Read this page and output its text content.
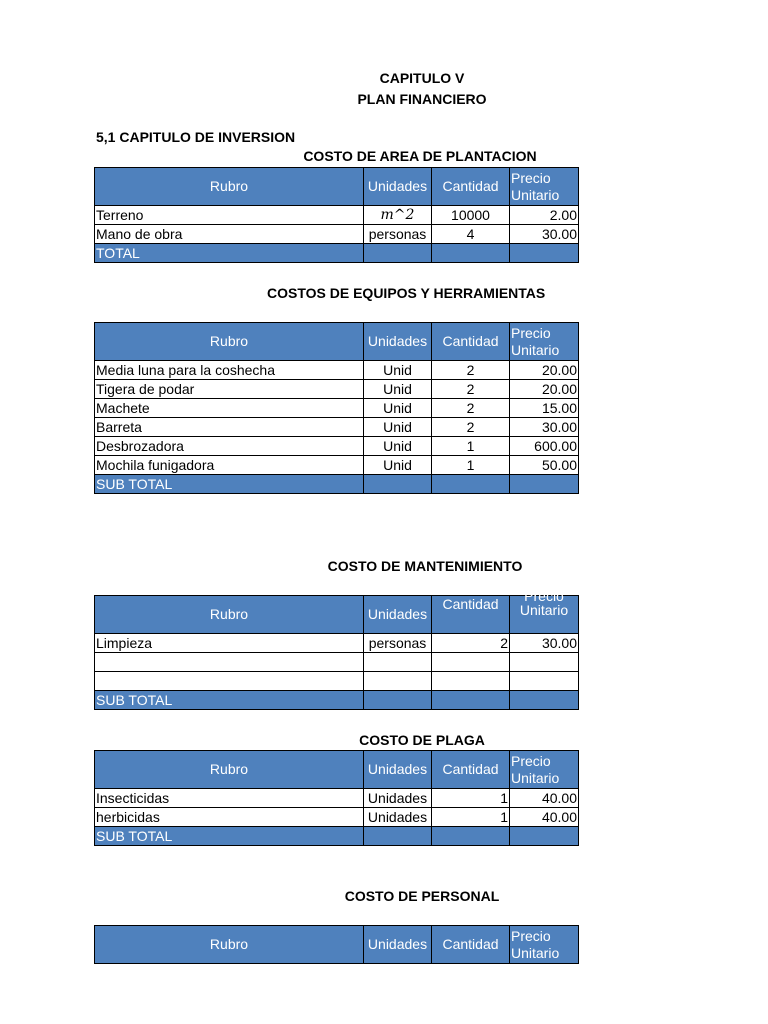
CAPITULO V
PLAN FINANCIERO
5,1 CAPITULO DE INVERSION
COSTO DE AREA DE PLANTACION
Rubro	Unidades	Cantidad	Precio
Unitario
Terreno	m^2	10000	2.00
Mano de obra	personas	4	30.00
TOTAL			
COSTOS DE EQUIPOS Y HERRAMIENTAS
Rubro	Unidades	Cantidad	Precio
Unitario
Media luna para la coshecha	Unid	2	20.00
Tigera de podar	Unid	2	20.00
Machete	Unid	2	15.00
Barreta	Unid	2	30.00
Desbrozadora	Unid	1	600.00
Mochila funigadora	Unid	1	50.00
SUB TOTAL			
COSTO DE MANTENIMIENTO
Rubro	Unidades	Cantidad	Precio
Unitario

Limpieza	personas	2	30.00

SUB TOTAL			
COSTO DE PLAGA
Rubro	Unidades	Cantidad	Precio
Unitario
Insecticidas	Unidades	1	40.00
herbicidas	Unidades	1	40.00
SUB TOTAL			
COSTO DE PERSONAL
Rubro	Unidades	Cantidad	Precio
Unitario
